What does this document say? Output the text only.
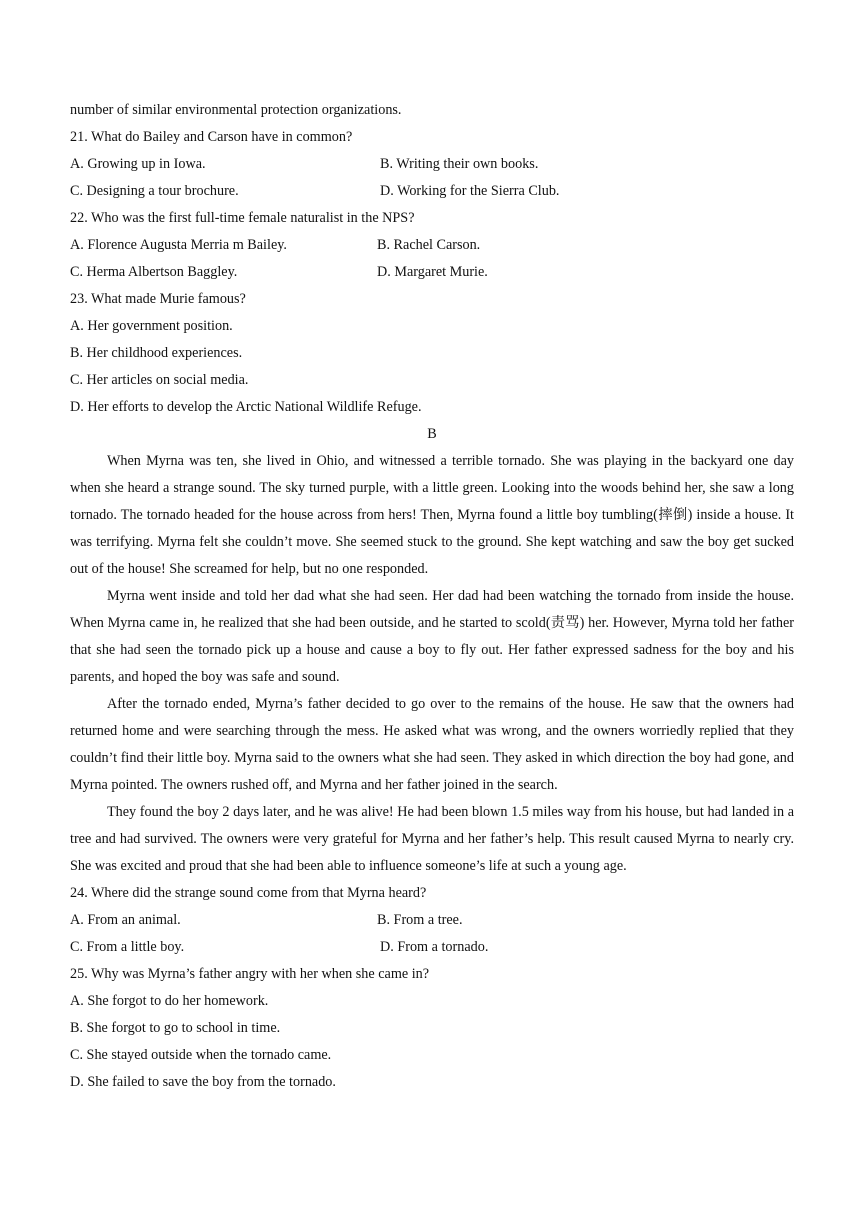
number of similar environmental protection organizations.
21. What do Bailey and Carson have in common?
A. Growing up in Iowa.	B. Writing their own books.
C. Designing a tour brochure.	D. Working for the Sierra Club.
22. Who was the first full-time female naturalist in the NPS?
A. Florence Augusta Merria m Bailey.	B. Rachel Carson.
C. Herma Albertson Baggley.	D. Margaret Murie.
23. What made Murie famous?
A. Her government position.
B. Her childhood experiences.
C. Her articles on social media.
D. Her efforts to develop the Arctic National Wildlife Refuge.
B

When Myrna was ten, she lived in Ohio, and witnessed a terrible tornado. She was playing in the backyard one day when she heard a strange sound. The sky turned purple, with a little green. Looking into the woods behind her, she saw a long tornado. The tornado headed for the house across from hers! Then, Myrna found a little boy tumbling(摔倒) inside a house. It was terrifying. Myrna felt she couldn’t move. She seemed stuck to the ground. She kept watching and saw the boy get sucked out of the house! She screamed for help, but no one responded.

Myrna went inside and told her dad what she had seen. Her dad had been watching the tornado from inside the house. When Myrna came in, he realized that she had been outside, and he started to scold(责骂) her. However, Myrna told her father that she had seen the tornado pick up a house and cause a boy to fly out. Her father expressed sadness for the boy and his parents, and hoped the boy was safe and sound.

After the tornado ended, Myrna’s father decided to go over to the remains of the house. He saw that the owners had returned home and were searching through the mess. He asked what was wrong, and the owners worriedly replied that they couldn’t find their little boy. Myrna said to the owners what she had seen. They asked in which direction the boy had gone, and Myrna pointed. The owners rushed off, and Myrna and her father joined in the search.

They found the boy 2 days later, and he was alive! He had been blown 1.5 miles way from his house, but had landed in a tree and had survived. The owners were very grateful for Myrna and her father’s help. This result caused Myrna to nearly cry. She was excited and proud that she had been able to influence someone’s life at such a young age.

24. Where did the strange sound come from that Myrna heard?
A. From an animal.	B. From a tree.
C. From a little boy.	D. From a tornado.
25. Why was Myrna’s father angry with her when she came in?
A. She forgot to do her homework.
B. She forgot to go to school in time.
C. She stayed outside when the tornado came.
D. She failed to save the boy from the tornado.
